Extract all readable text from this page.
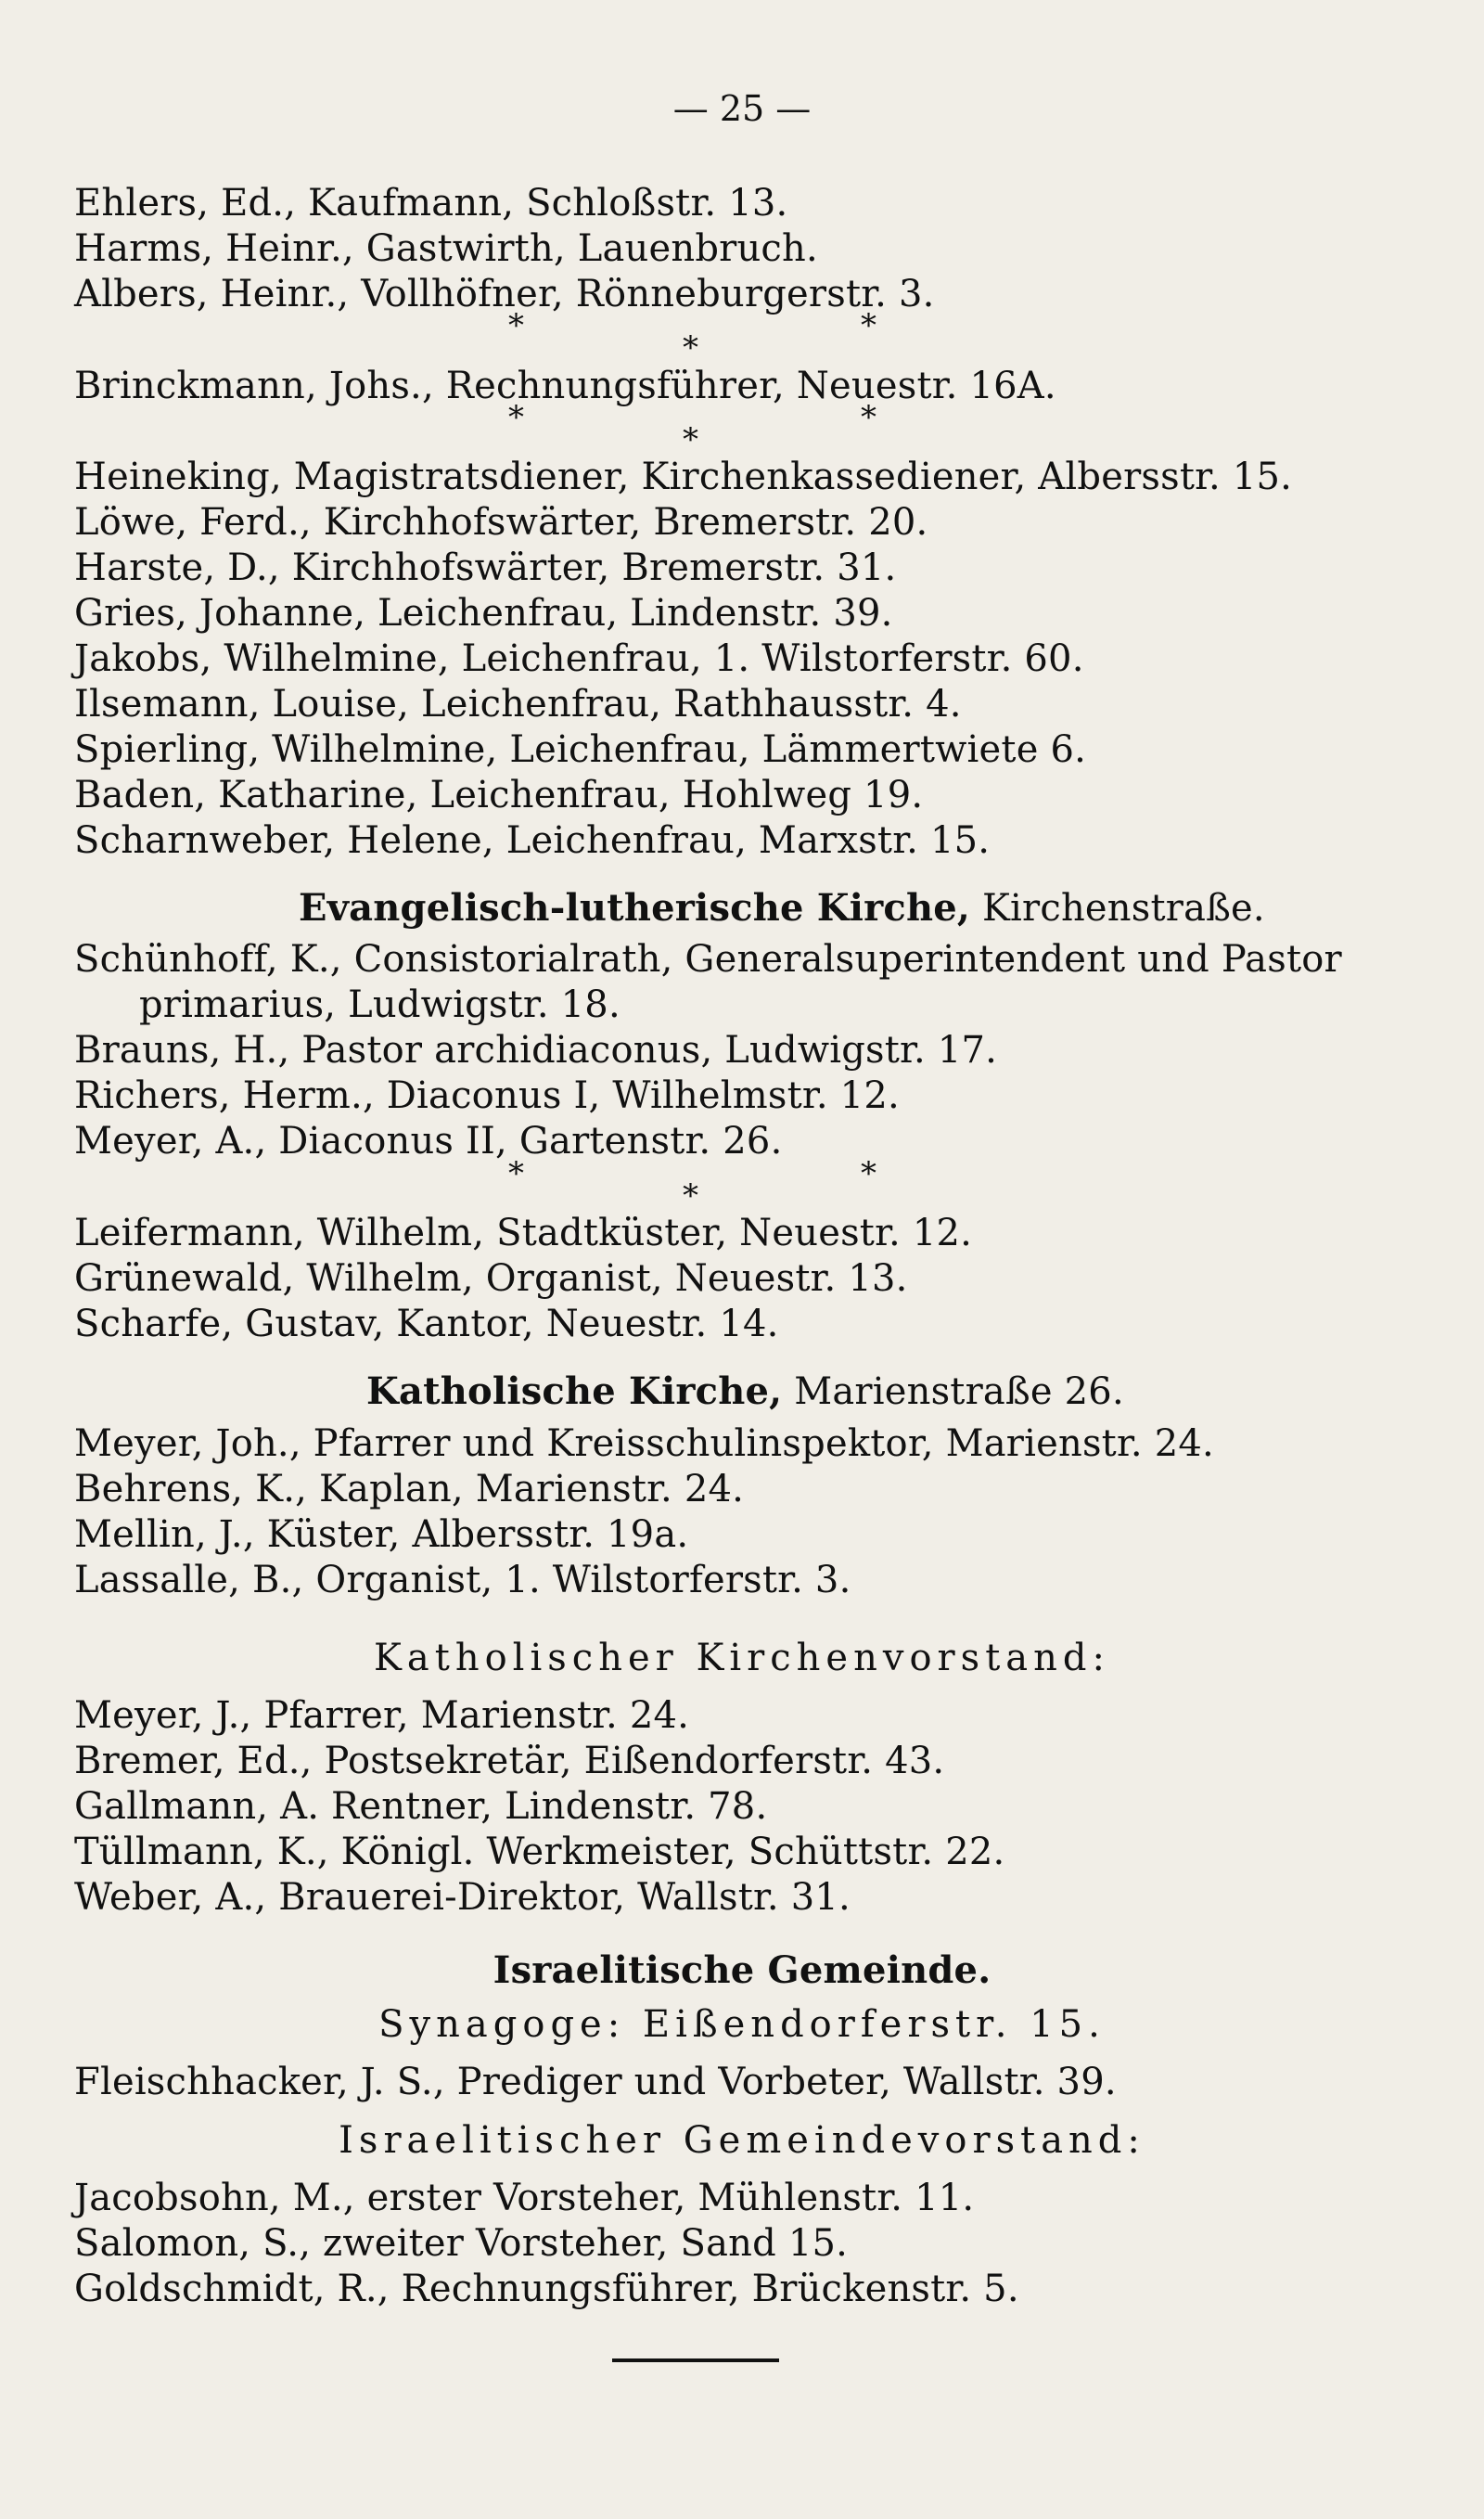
— 25 —
Ehlers, Ed., Kaufmann, Schloßstr. 13.
Harms, Heinr., Gastwirth, Lauenbruch.
Albers, Heinr., Vollhöfner, Rönneburgerstr. 3.
*
*
*
Brinckmann, Johs., Rechnungsführer, Neuestr. 16A.
*
*
*
Heineking, Magistratsdiener, Kirchenkassediener, Albersstr. 15.
Löwe, Ferd., Kirchhofswärter, Bremerstr. 20.
Harste, D., Kirchhofswärter, Bremerstr. 31.
Gries, Johanne, Leichenfrau, Lindenstr. 39.
Jakobs, Wilhelmine, Leichenfrau, 1. Wilstorferstr. 60.
Ilsemann, Louise, Leichenfrau, Rathhausstr. 4.
Spierling, Wilhelmine, Leichenfrau, Lämmertwiete 6.
Baden, Katharine, Leichenfrau, Hohlweg 19.
Scharnweber, Helene, Leichenfrau, Marxstr. 15.
Evangelisch-lutherische Kirche, Kirchenstraße.
Schünhoff, K., Consistorialrath, Generalsuperintendent und Pastor
primarius, Ludwigstr. 18.
Brauns, H., Pastor archidiaconus, Ludwigstr. 17.
Richers, Herm., Diaconus I, Wilhelmstr. 12.
Meyer, A., Diaconus II, Gartenstr. 26.
*
*
*
Leifermann, Wilhelm, Stadtküster, Neuestr. 12.
Grünewald, Wilhelm, Organist, Neuestr. 13.
Scharfe, Gustav, Kantor, Neuestr. 14.
Katholische Kirche, Marienstraße 26.
Meyer, Joh., Pfarrer und Kreisschulinspektor, Marienstr. 24.
Behrens, K., Kaplan, Marienstr. 24.
Mellin, J., Küster, Albersstr. 19a.
Lassalle, B., Organist, 1. Wilstorferstr. 3.
Katholischer Kirchenvorstand:
Meyer, J., Pfarrer, Marienstr. 24.
Bremer, Ed., Postsekretär, Eißendorferstr. 43.
Gallmann, A. Rentner, Lindenstr. 78.
Tüllmann, K., Königl. Werkmeister, Schüttstr. 22.
Weber, A., Brauerei-Direktor, Wallstr. 31.
Israelitische Gemeinde.
Synagoge: Eißendorferstr. 15.
Fleischhacker, J. S., Prediger und Vorbeter, Wallstr. 39.
Israelitischer Gemeindevorstand:
Jacobsohn, M., erster Vorsteher, Mühlenstr. 11.
Salomon, S., zweiter Vorsteher, Sand 15.
Goldschmidt, R., Rechnungsführer, Brückenstr. 5.
